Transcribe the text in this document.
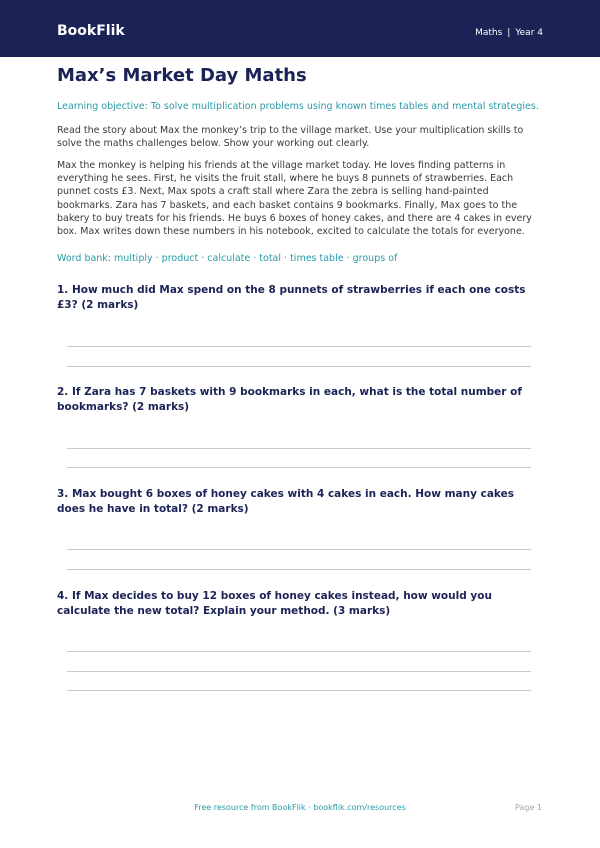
BookFlik	Maths | Year 4
Max’s Market Day Maths
Learning objective: To solve multiplication problems using known times tables and mental strategies.
Read the story about Max the monkey’s trip to the village market. Use your multiplication skills to solve the maths challenges below. Show your working out clearly.
Max the monkey is helping his friends at the village market today. He loves finding patterns in everything he sees. First, he visits the fruit stall, where he buys 8 punnets of strawberries. Each punnet costs £3. Next, Max spots a craft stall where Zara the zebra is selling hand-painted bookmarks. Zara has 7 baskets, and each basket contains 9 bookmarks. Finally, Max goes to the bakery to buy treats for his friends. He buys 6 boxes of honey cakes, and there are 4 cakes in every box. Max writes down these numbers in his notebook, excited to calculate the totals for everyone.
Word bank: multiply · product · calculate · total · times table · groups of
1. How much did Max spend on the 8 punnets of strawberries if each one costs £3? (2 marks)
2. If Zara has 7 baskets with 9 bookmarks in each, what is the total number of bookmarks? (2 marks)
3. Max bought 6 boxes of honey cakes with 4 cakes in each. How many cakes does he have in total? (2 marks)
4. If Max decides to buy 12 boxes of honey cakes instead, how would you calculate the new total? Explain your method. (3 marks)
Free resource from BookFlik · bookflik.com/resources	Page 1
